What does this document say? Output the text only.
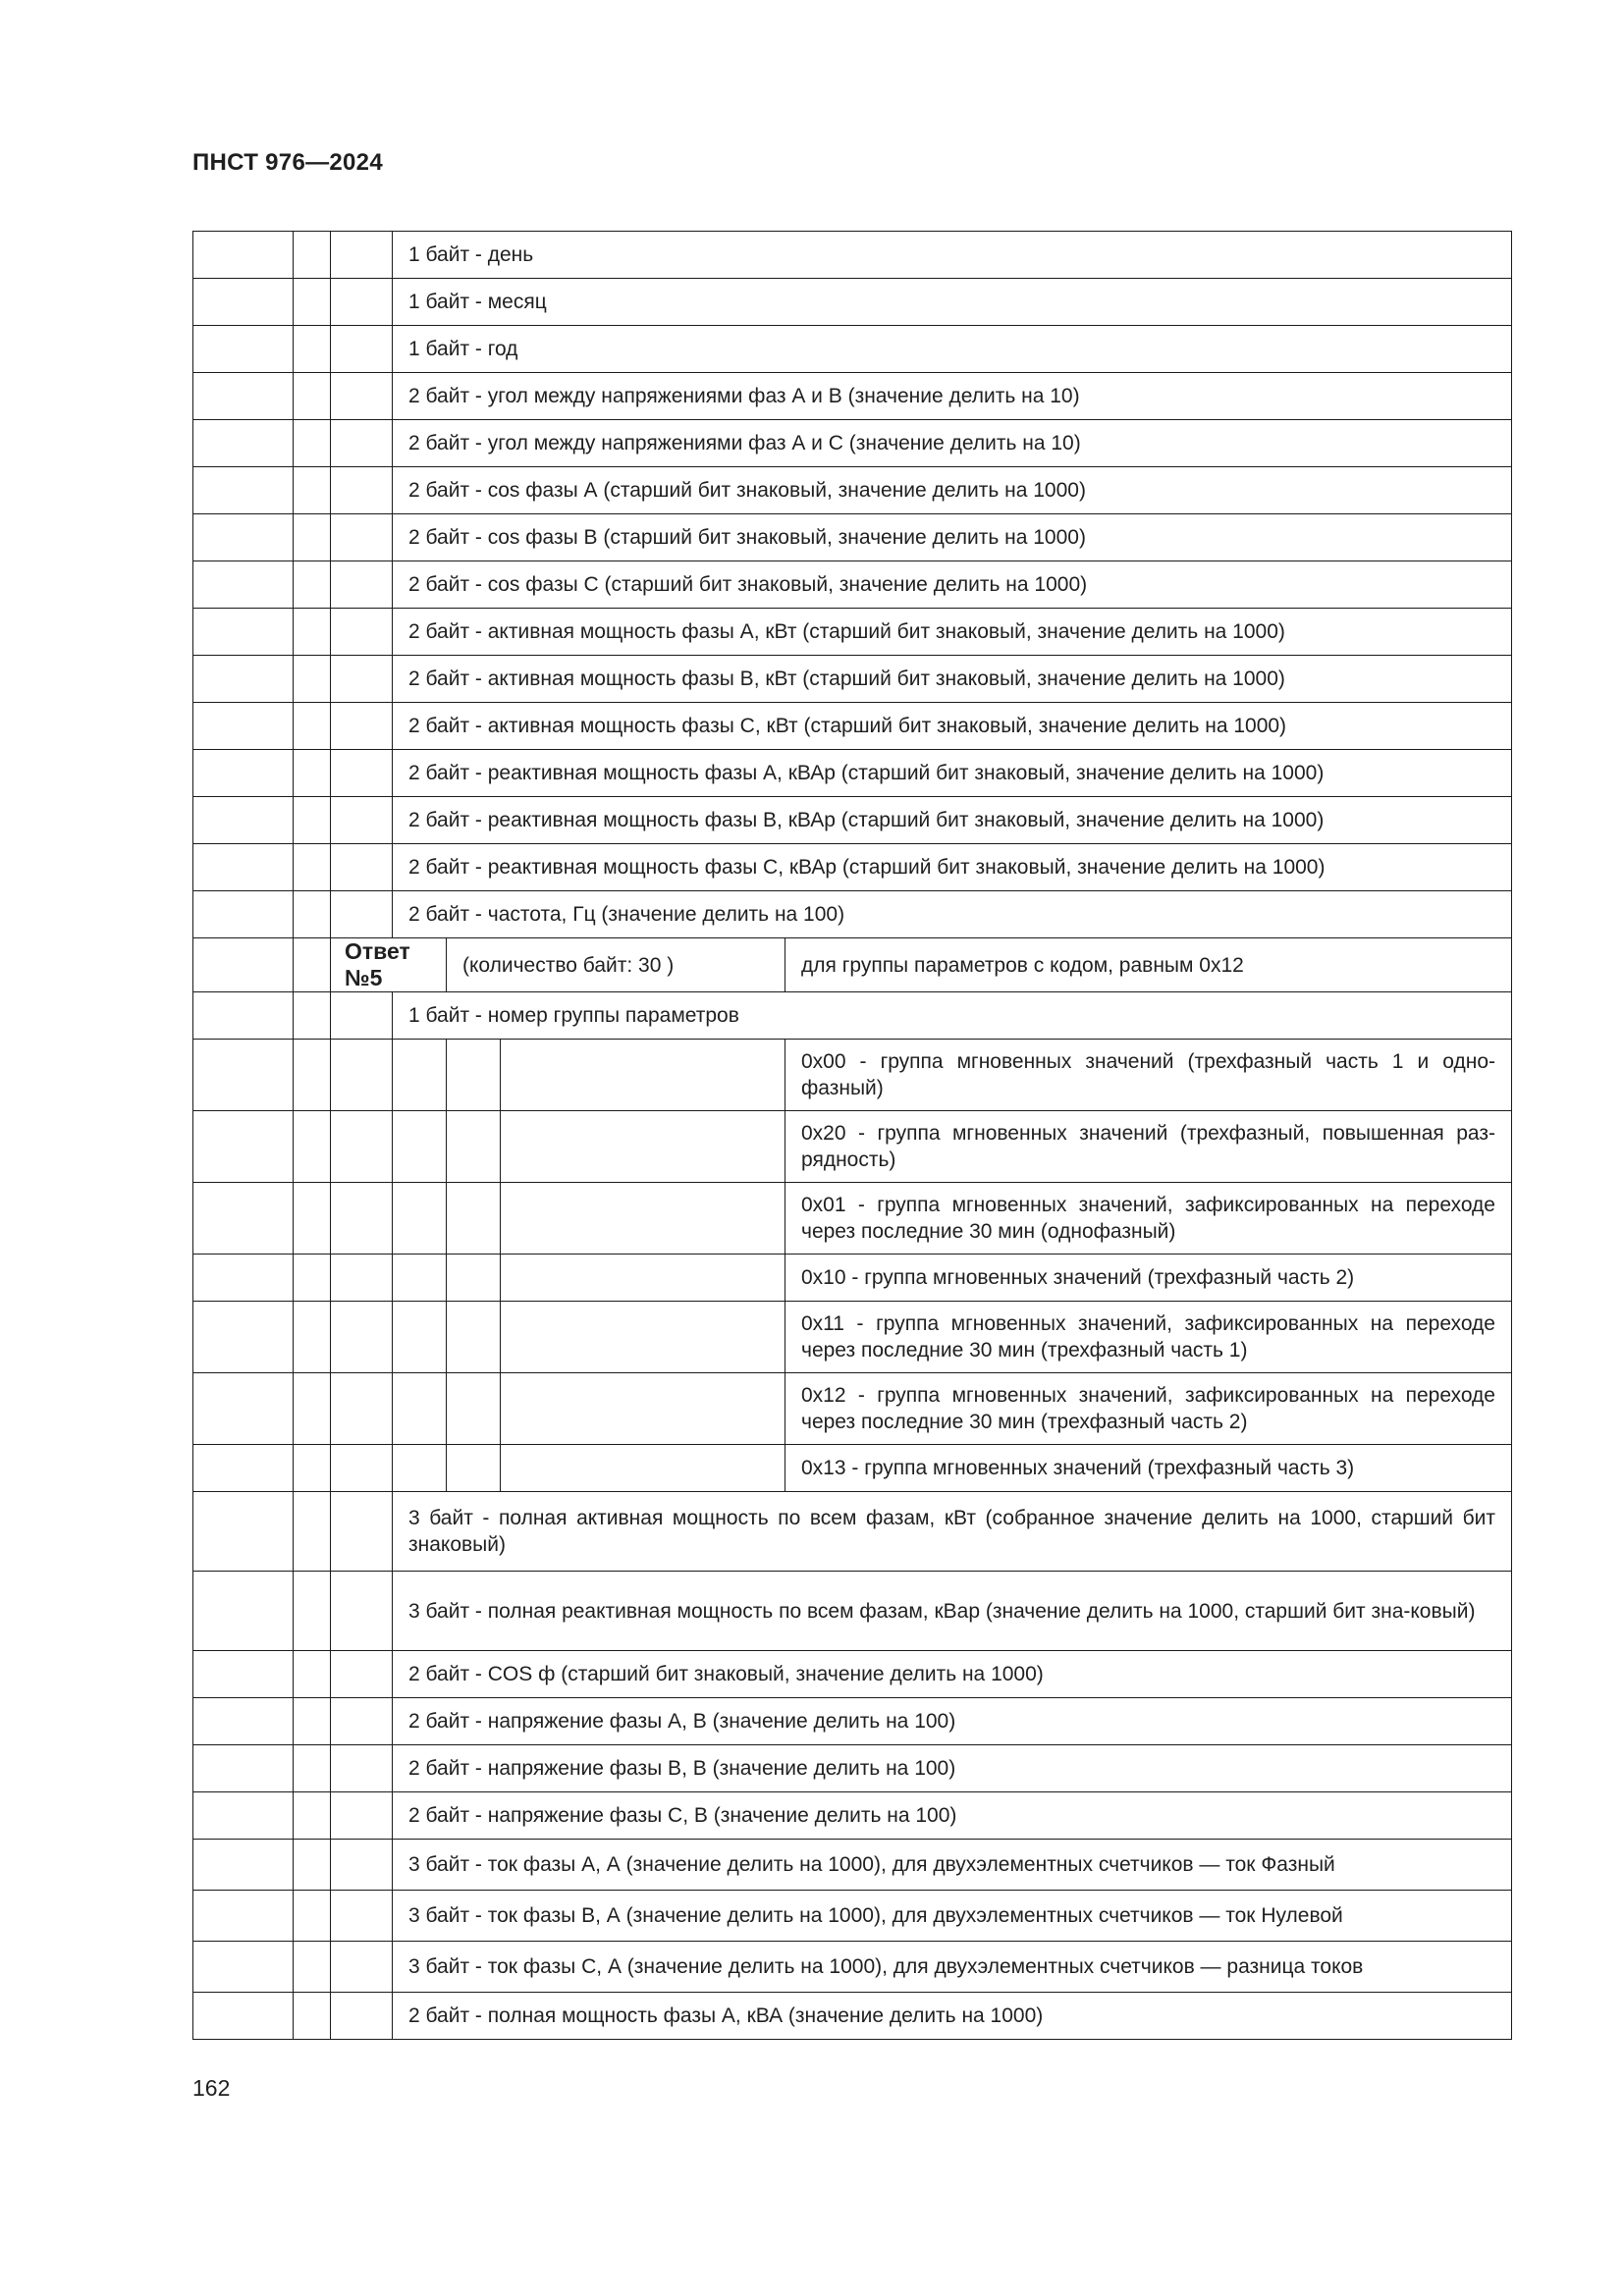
ПНСТ 976—2024
			1 байт - день			
			1 байт - месяц			
			1 байт - год			
			2 байт - угол между напряжениями фаз А и В (значение делить на 10)			
			2 байт - угол между напряжениями фаз А и С (значение делить на 10)			
			2 байт - cos фазы А (старший бит знаковый, значение делить на 1000)			
			2 байт - cos фазы В (старший бит знаковый, значение делить на 1000)			
			2 байт - cos фазы С (старший бит знаковый, значение делить на 1000)			
			2 байт - активная мощность фазы А, кВт (старший бит знаковый, значение делить на 1000)			
			2 байт - активная мощность фазы В, кВт (старший бит знаковый, значение делить на 1000)			
			2 байт - активная мощность фазы С, кВт (старший бит знаковый, значение делить на 1000)			
			2 байт - реактивная мощность фазы А, кВАр (старший бит знаковый, значение делить на 1000)			
			2 байт - реактивная мощность фазы В, кВАр (старший бит знаковый, значение делить на 1000)			
			2 байт - реактивная мощность фазы С, кВАр (старший бит знаковый, значение делить на 1000)			
			2 байт - частота, Гц (значение делить на 100)			
		Ответ №5		(количество байт: 30 )		для группы параметров с кодом, равным 0x12
			1 байт - номер группы параметров			
						0x00 - группа мгновенных значений (трехфазный часть 1 и одно-фазный)
						0x20 - группа мгновенных значений (трехфазный, повышенная раз-рядность)
						0x01 - группа мгновенных значений, зафиксированных на переходе через последние 30 мин (однофазный)
						0x10 - группа мгновенных значений (трехфазный часть 2)
						0x11 - группа мгновенных значений, зафиксированных на переходе через последние 30 мин (трехфазный часть 1)
						0x12 - группа мгновенных значений, зафиксированных на переходе через последние 30 мин (трехфазный часть 2)
						0x13 - группа мгновенных значений (трехфазный часть 3)
			3 байт - полная активная мощность по всем фазам, кВт (собранное значение делить на 1000, старший бит знаковый)			
			3 байт - полная реактивная мощность по всем фазам, кВар (значение делить на 1000, старший бит зна-ковый)			
			2 байт - COS ф (старший бит знаковый, значение делить на 1000)			
			2 байт - напряжение фазы А, В (значение делить на 100)			
			2 байт - напряжение фазы В, В (значение делить на 100)			
			2 байт - напряжение фазы С, В (значение делить на 100)			
			3 байт - ток фазы А, А (значение делить на 1000), для двухэлементных счетчиков — ток Фазный			
			3 байт - ток фазы В, А (значение делить на 1000), для двухэлементных счетчиков — ток Нулевой			
			3 байт - ток фазы С, А (значение делить на 1000), для двухэлементных счетчиков — разница токов			
			2 байт - полная мощность фазы А, кВА (значение делить на 1000)			
162
